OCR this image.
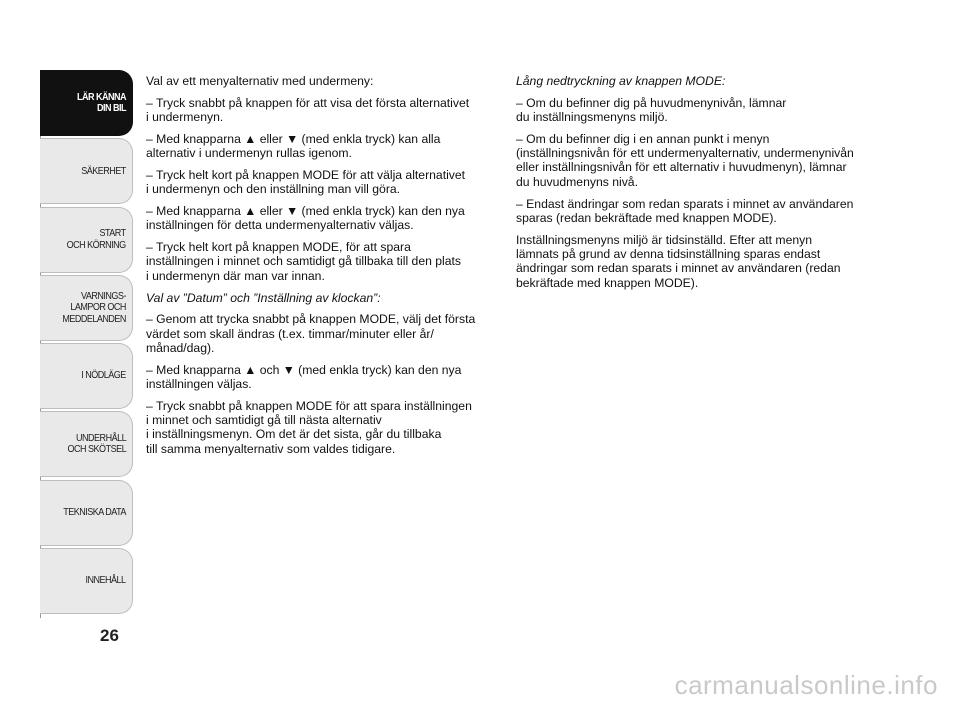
LÄR KÄNNA
DIN BIL
SÄKERHET
START
OCH KÖRNING
VARNINGS-
LAMPOR OCH
MEDDELANDEN
I NÖDLÄGE
UNDERHÅLL
OCH SKÖTSEL
TEKNISKA DATA
INNEHÅLL
26

Val av ett menyalternativ med undermeny:

– Tryck snabbt på knappen för att visa det första alternativet
i undermenyn.

– Med knapparna ▲ eller ▼ (med enkla tryck) kan alla
alternativ i undermenyn rullas igenom.

– Tryck helt kort på knappen MODE för att välja alternativet
i undermenyn och den inställning man vill göra.

– Med knapparna ▲ eller ▼ (med enkla tryck) kan den nya
inställningen för detta undermenyalternativ väljas.

– Tryck helt kort på knappen MODE, för att spara
inställningen i minnet och samtidigt gå tillbaka till den plats
i undermenyn där man var innan.

Val av ”Datum” och ”Inställning av klockan”:

– Genom att trycka snabbt på knappen MODE, välj det första
värdet som skall ändras (t.ex. timmar/minuter eller år/
månad/dag).

– Med knapparna ▲ och ▼ (med enkla tryck) kan den nya
inställningen väljas.

– Tryck snabbt på knappen MODE för att spara inställningen
i minnet och samtidigt gå till nästa alternativ
i inställningsmenyn. Om det är det sista, går du tillbaka
till samma menyalternativ som valdes tidigare.

Lång nedtryckning av knappen MODE:

– Om du befinner dig på huvudmenynivån, lämnar
du inställningsmenyns miljö.

– Om du befinner dig i en annan punkt i menyn
(inställningsnivån för ett undermenyalternativ, undermenynivån
eller inställningsnivån för ett alternativ i huvudmenyn), lämnar
du huvudmenyns nivå.

– Endast ändringar som redan sparats i minnet av användaren
sparas (redan bekräftade med knappen MODE).

Inställningsmenyns miljö är tidsinställd. Efter att menyn
lämnats på grund av denna tidsinställning sparas endast
ändringar som redan sparats i minnet av användaren (redan
bekräftade med knappen MODE).

carmanualsonline.info
